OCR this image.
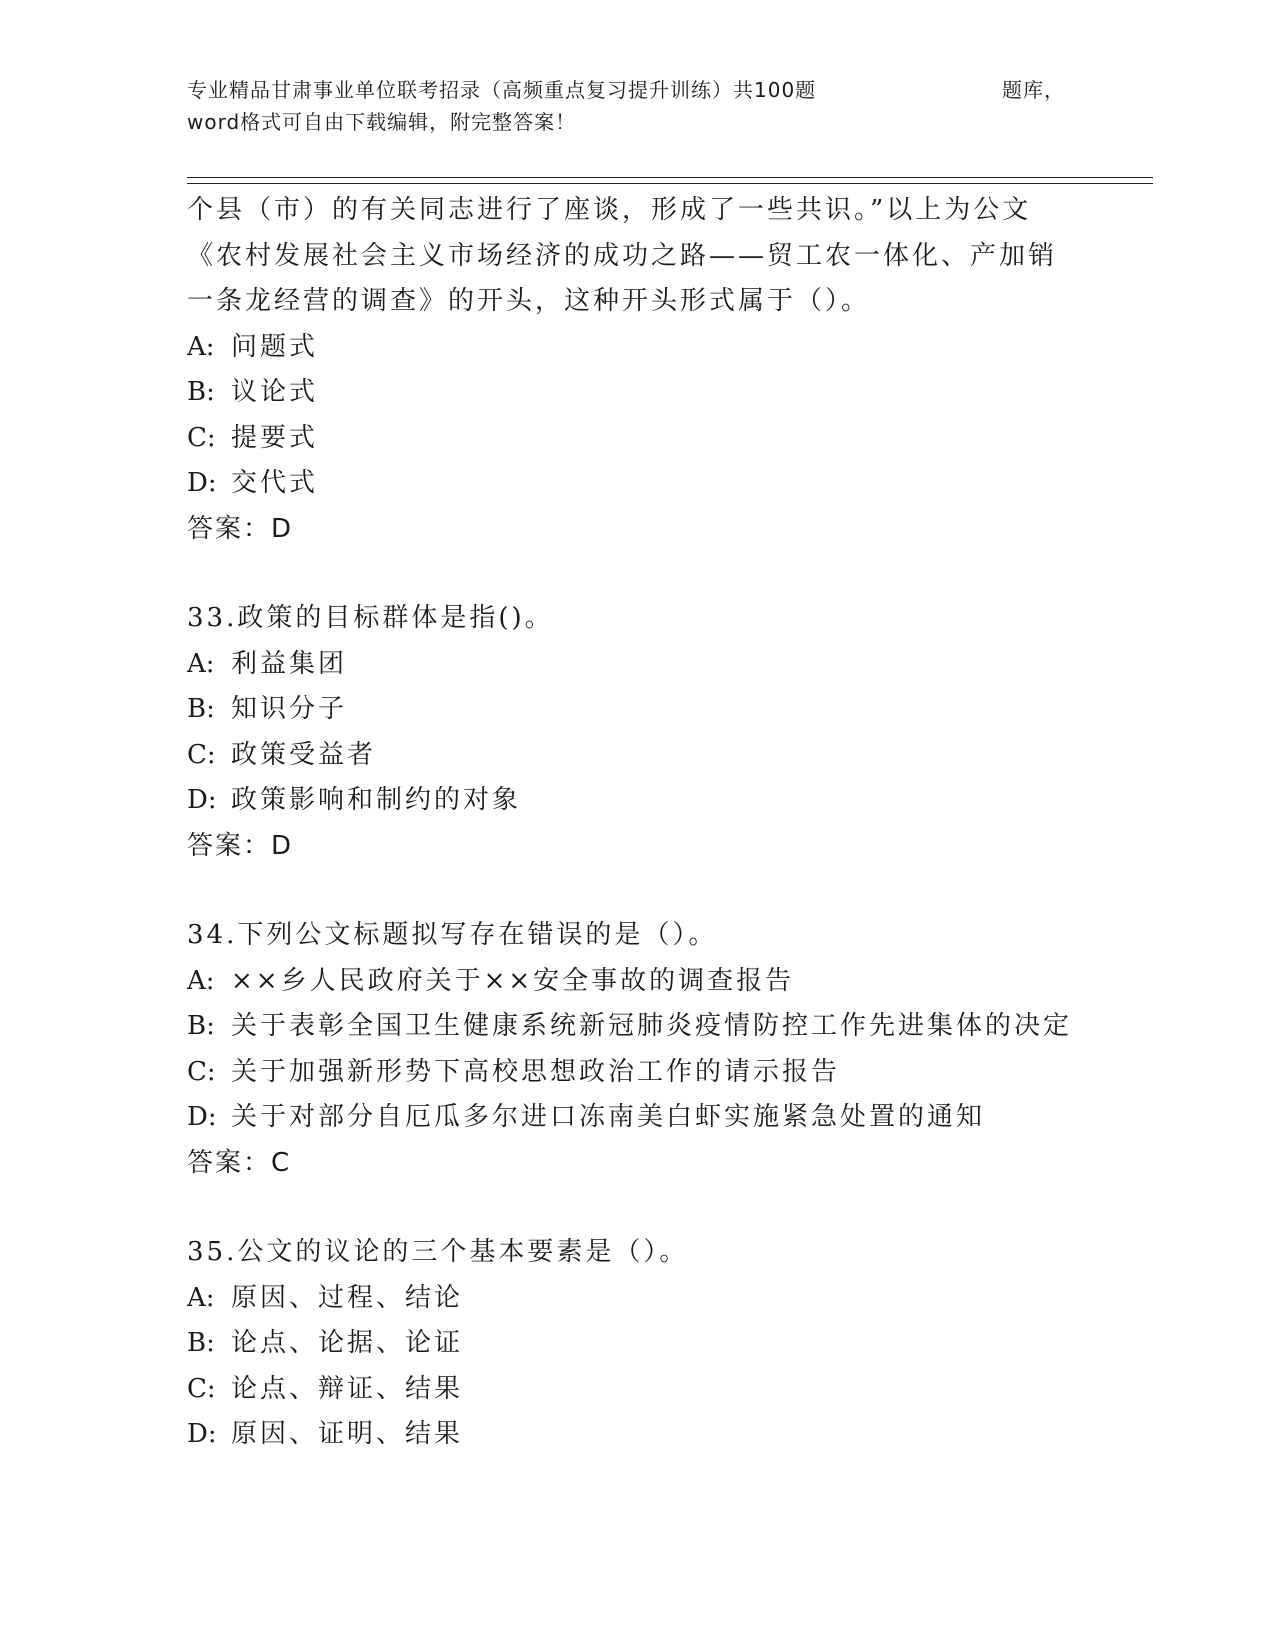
专业精品甘肃事业单位联考招录（高频重点复习提升训练）共100题	题库，
word格式可自由下载编辑，附完整答案！
个县（市）的有关同志进行了座谈，形成了一些共识。”以上为公文
《农村发展社会主义市场经济的成功之路——贸工农一体化、产加销
一条龙经营的调查》的开头，这种开头形式属于（）。
A: 问题式
B: 议论式
C: 提要式
D: 交代式
答案：D
33.政策的目标群体是指()。
A: 利益集团
B: 知识分子
C: 政策受益者
D: 政策影响和制约的对象
答案：D
34.下列公文标题拟写存在错误的是（）。
A: ××乡人民政府关于××安全事故的调查报告
B: 关于表彰全国卫生健康系统新冠肺炎疫情防控工作先进集体的决定
C: 关于加强新形势下高校思想政治工作的请示报告
D: 关于对部分自厄瓜多尔进口冻南美白虾实施紧急处置的通知
答案：C
35.公文的议论的三个基本要素是（）。
A: 原因、过程、结论
B: 论点、论据、论证
C: 论点、辩证、结果
D: 原因、证明、结果
